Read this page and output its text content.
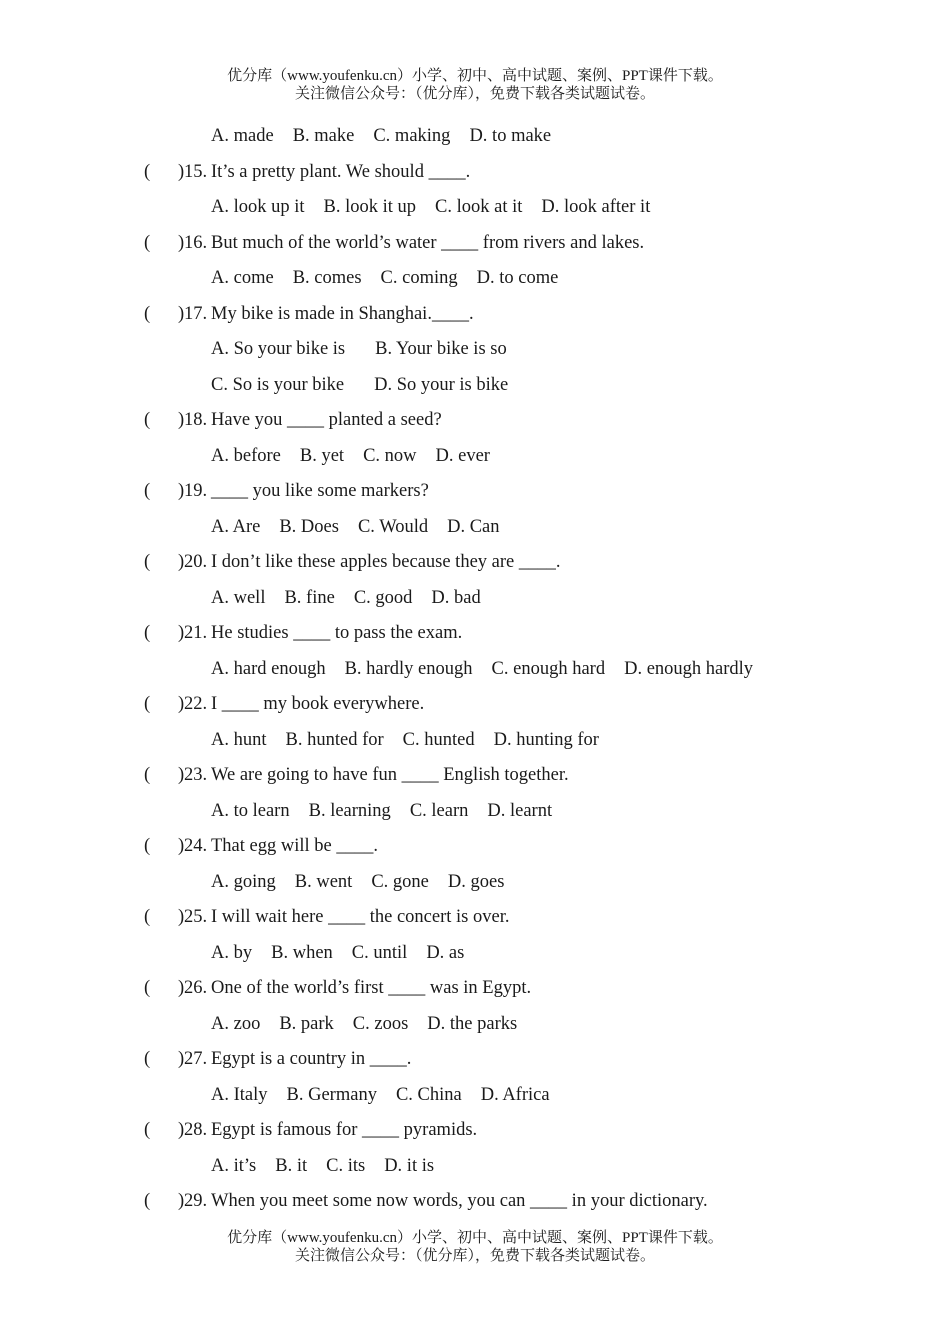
优分库（www.youfenku.cn）小学、初中、高中试题、案例、PPT课件下载。
关注微信公众号：（优分库），免费下载各类试题试卷。
A. made B. make C. making D. to make
( ) 15. It’s a pretty plant. We should ____.
A. look up it B. look it up C. look at it D. look after it
( ) 16. But much of the world’s water ____ from rivers and lakes.
A. come B. comes C. coming D. to come
( ) 17. My bike is made in Shanghai.____.
A. So your bike is B. Your bike is so
C. So is your bike D. So your is bike
( ) 18. Have you ____ planted a seed?
A. before B. yet C. now D. ever
( ) 19. ____ you like some markers?
A. Are B. Does C. Would D. Can
( ) 20. I don’t like these apples because they are ____.
A. well B. fine C. good D. bad
( ) 21. He studies ____ to pass the exam.
A. hard enough B. hardly enough C. enough hard D. enough hardly
( ) 22. I ____ my book everywhere.
A. hunt B. hunted for C. hunted D. hunting for
( ) 23. We are going to have fun ____ English together.
A. to learn B. learning C. learn D. learnt
( ) 24. That egg will be ____.
A. going B. went C. gone D. goes
( ) 25. I will wait here ____ the concert is over.
A. by B. when C. until D. as
( ) 26. One of the world’s first ____ was in Egypt.
A. zoo B. park C. zoos D. the parks
( ) 27. Egypt is a country in ____.
A. Italy B. Germany C. China D. Africa
( ) 28. Egypt is famous for ____ pyramids.
A. it’s B. it C. its D. it is
( ) 29. When you meet some now words, you can ____ in your dictionary.
优分库（www.youfenku.cn）小学、初中、高中试题、案例、PPT课件下载。
关注微信公众号：（优分库），免费下载各类试题试卷。
